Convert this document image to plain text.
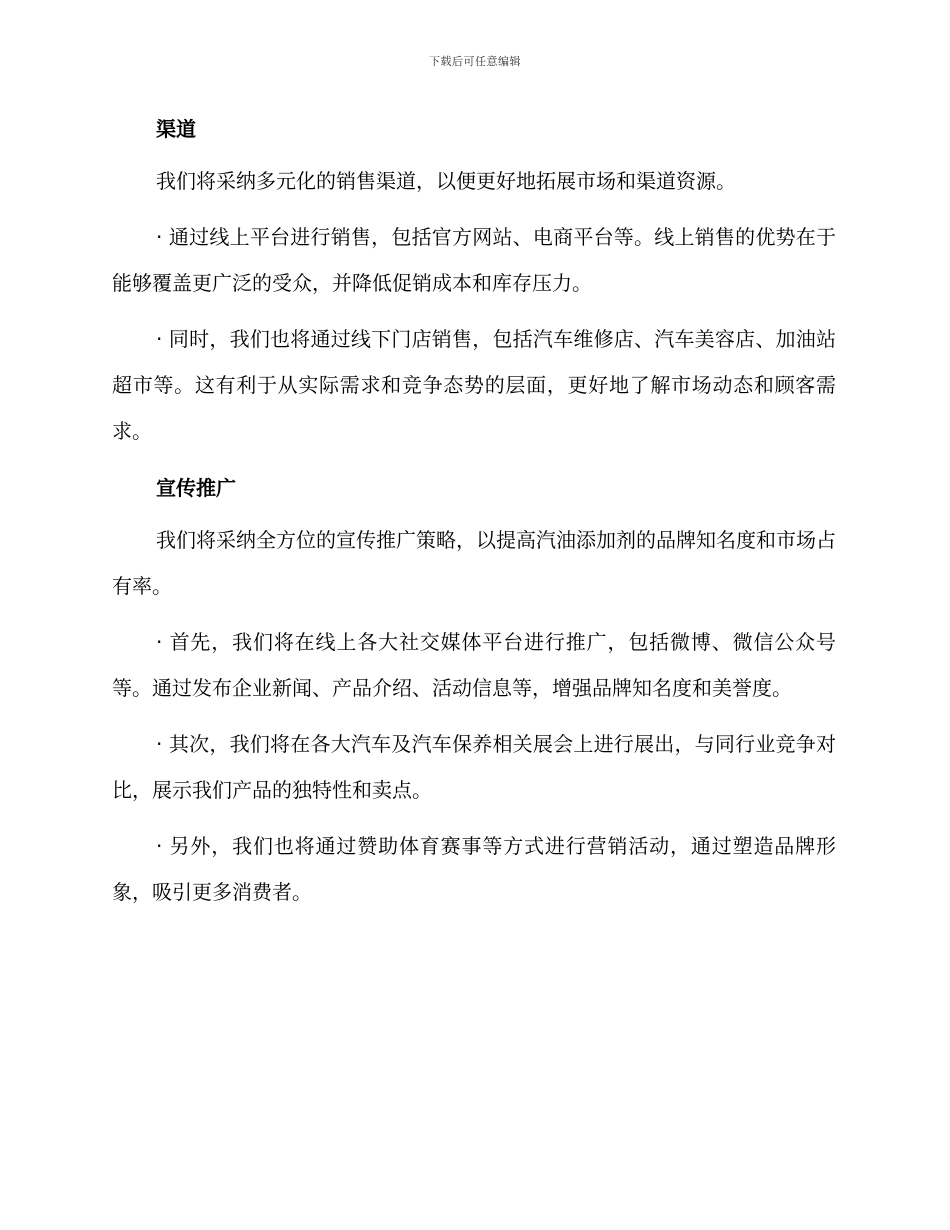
下载后可任意编辑
渠道

我们将采纳多元化的销售渠道，以便更好地拓展市场和渠道资源。

· 通过线上平台进行销售，包括官方网站、电商平台等。线上销售的优势在于能够覆盖更广泛的受众，并降低促销成本和库存压力。

· 同时，我们也将通过线下门店销售，包括汽车维修店、汽车美容店、加油站超市等。这有利于从实际需求和竞争态势的层面，更好地了解市场动态和顾客需求。

宣传推广

我们将采纳全方位的宣传推广策略，以提高汽油添加剂的品牌知名度和市场占有率。

· 首先，我们将在线上各大社交媒体平台进行推广，包括微博、微信公众号等。通过发布企业新闻、产品介绍、活动信息等，增强品牌知名度和美誉度。

· 其次，我们将在各大汽车及汽车保养相关展会上进行展出，与同行业竞争对比，展示我们产品的独特性和卖点。

· 另外，我们也将通过赞助体育赛事等方式进行营销活动，通过塑造品牌形象，吸引更多消费者。
